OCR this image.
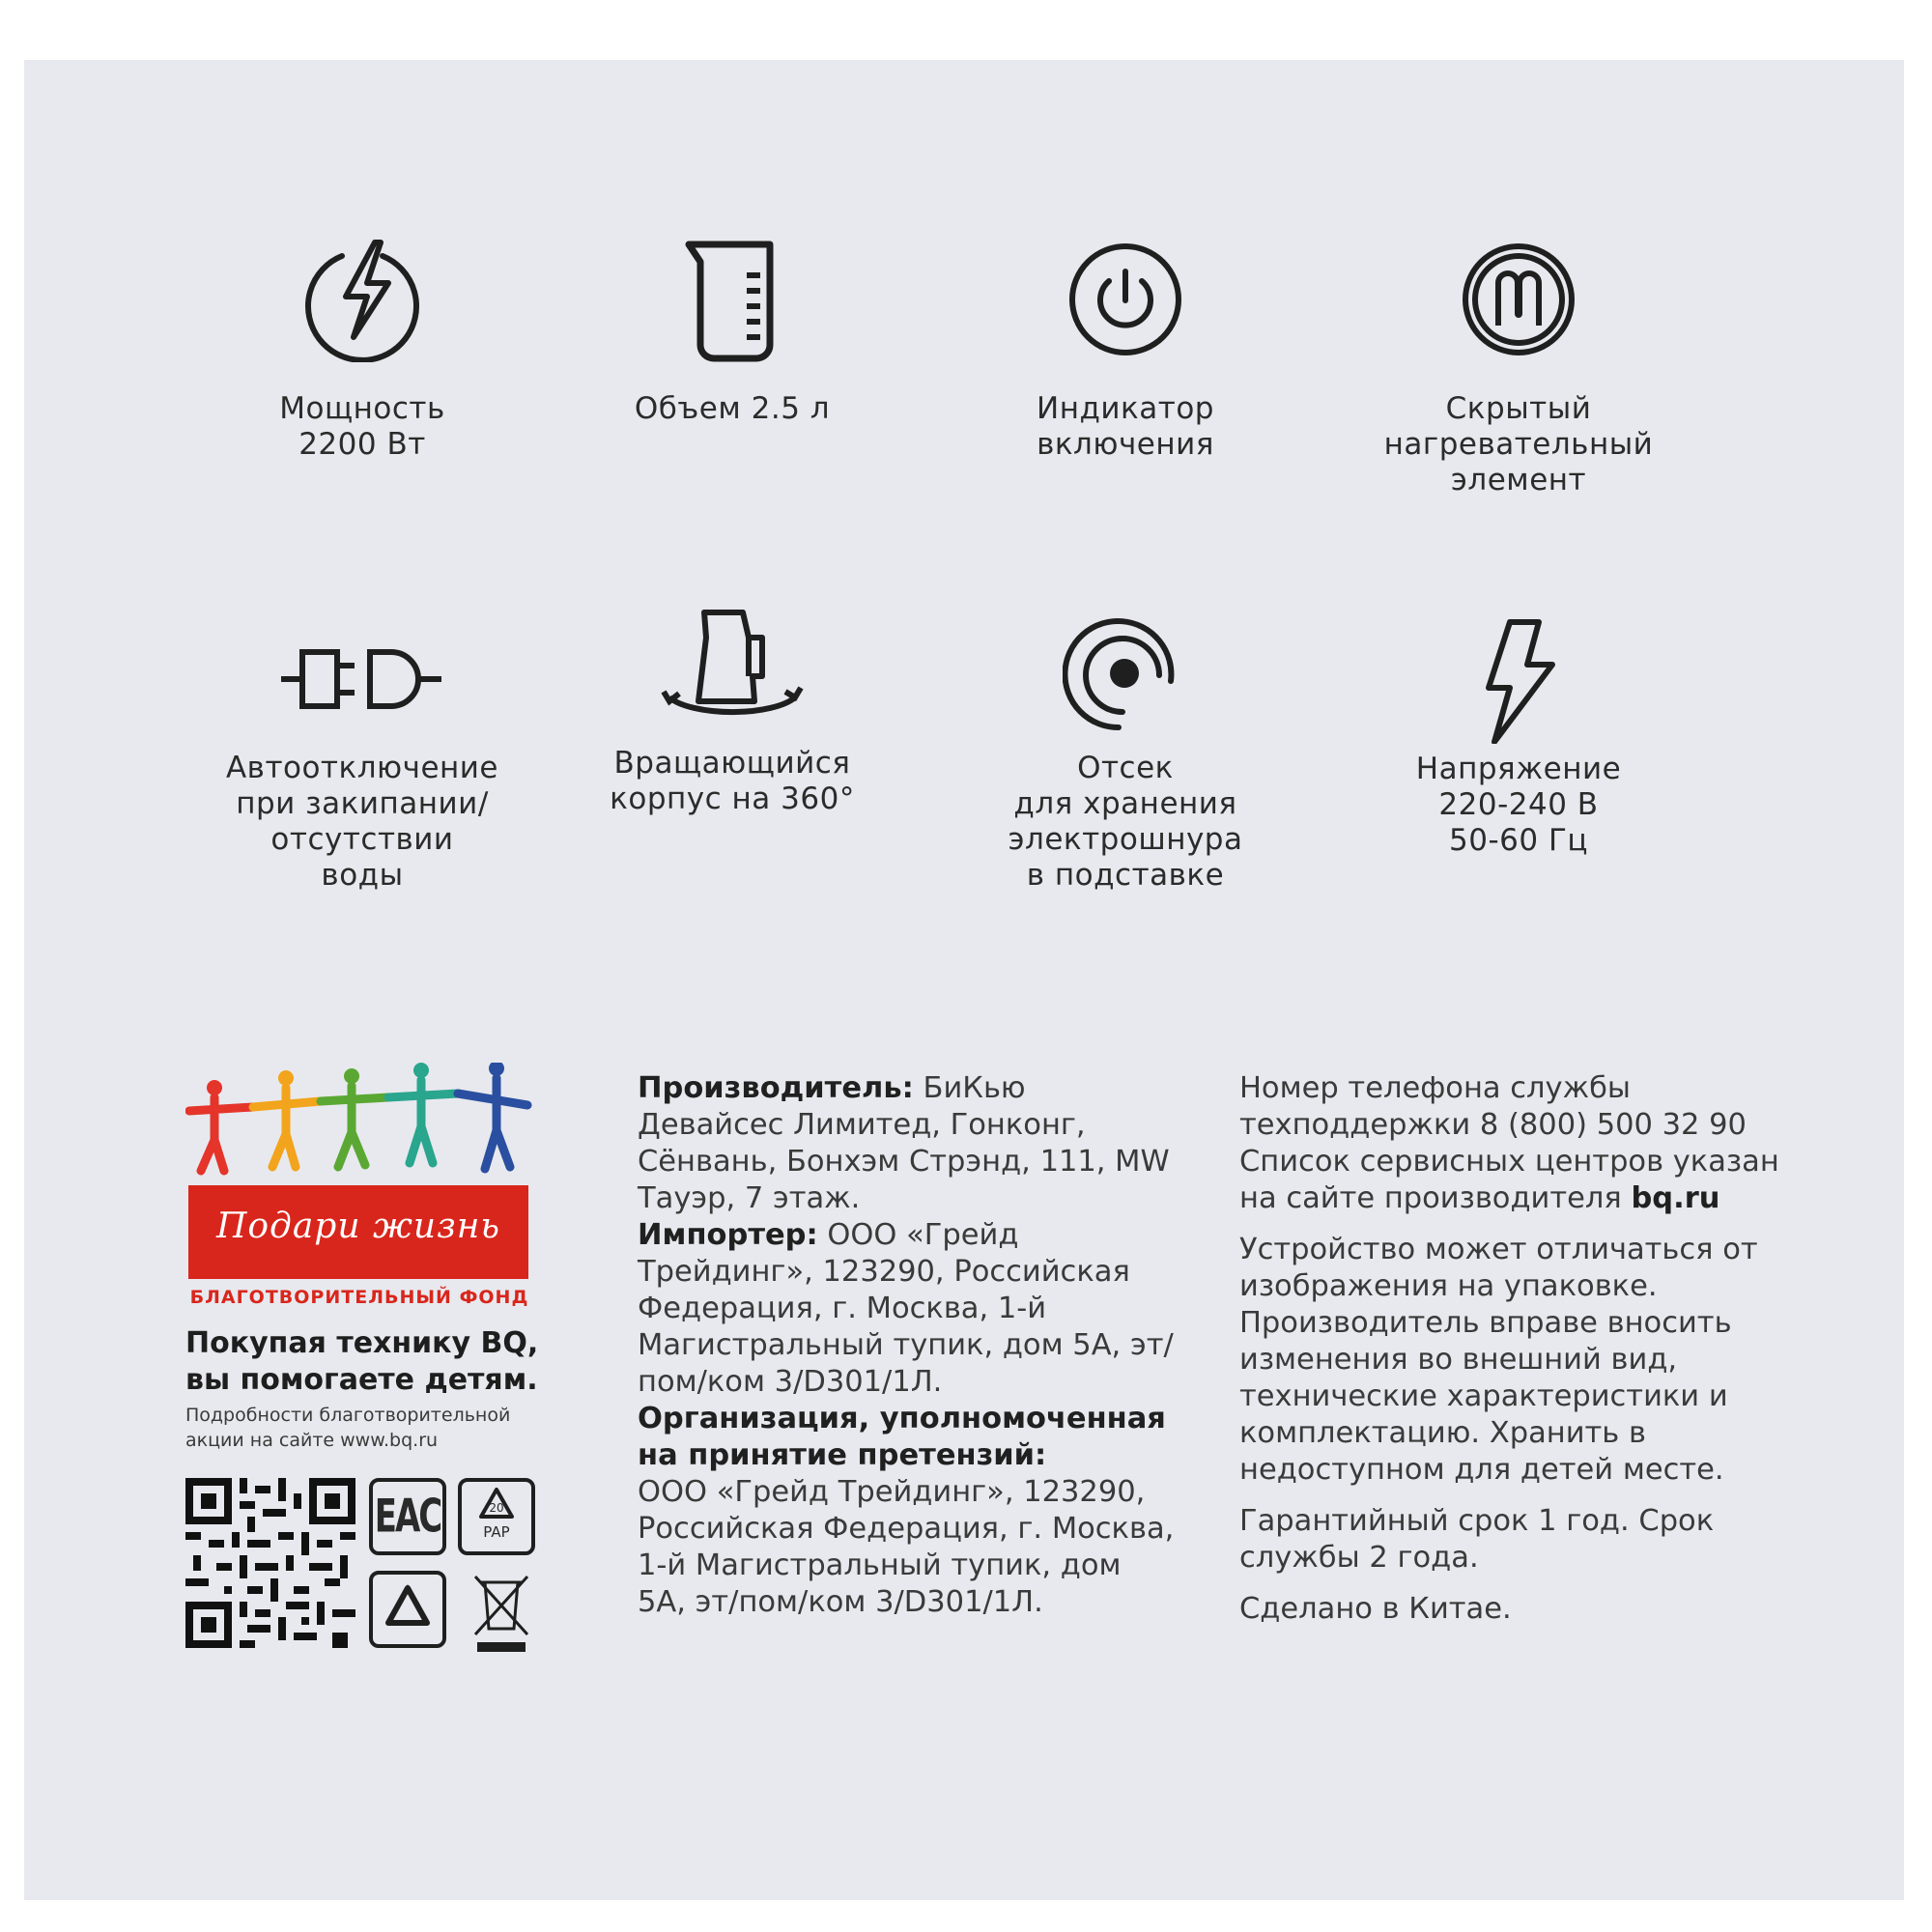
Мощность
2200 Вт
Объем 2.5 л	Индикатор
включения
Скрытый
нагревательный
элемент
Автоотключение
при закипании/
отсутствии
воды
Вращающийся
корпус на 360°
Отсек
для хранения
электрошнура
в подставке
Напряжение
220-240 В
50-60 Гц
Подари жизнь
БЛАГОТВОРИТЕЛЬНЫЙ ФОНД
Покупая технику BQ,
вы помогаете детям.
Подробности благотворительной
акции на сайте www.bq.ru
EAC	20
PAP

Производитель: БиКью Девайсес Лимитед, Гонконг, Сёнвань, Бонхэм Стрэнд, 111, MW Тауэр, 7 этаж.

Импортер: ООО «Грейд Трейдинг», 123290, Российская Федерация, г. Москва, 1-й Магистральный тупик, дом 5А, эт/пом/ком 3/D301/1Л.

Организация, уполномоченная на принятие претензий:

ООО «Грейд Трейдинг», 123290, Российская Федерация, г. Москва, 1-й Магистральный тупик, дом 5А, эт/пом/ком 3/D301/1Л.

Номер телефона службы техподдержки 8 (800) 500 32 90

Список сервисных центров указан на сайте производителя bq.ru

Устройство может отличаться от изображения на упаковке. Производитель вправе вносить изменения во внешний вид, технические характеристики и комплектацию. Хранить в недоступном для детей месте.

Гарантийный срок 1 год. Срок службы 2 года.

Сделано в Китае.
